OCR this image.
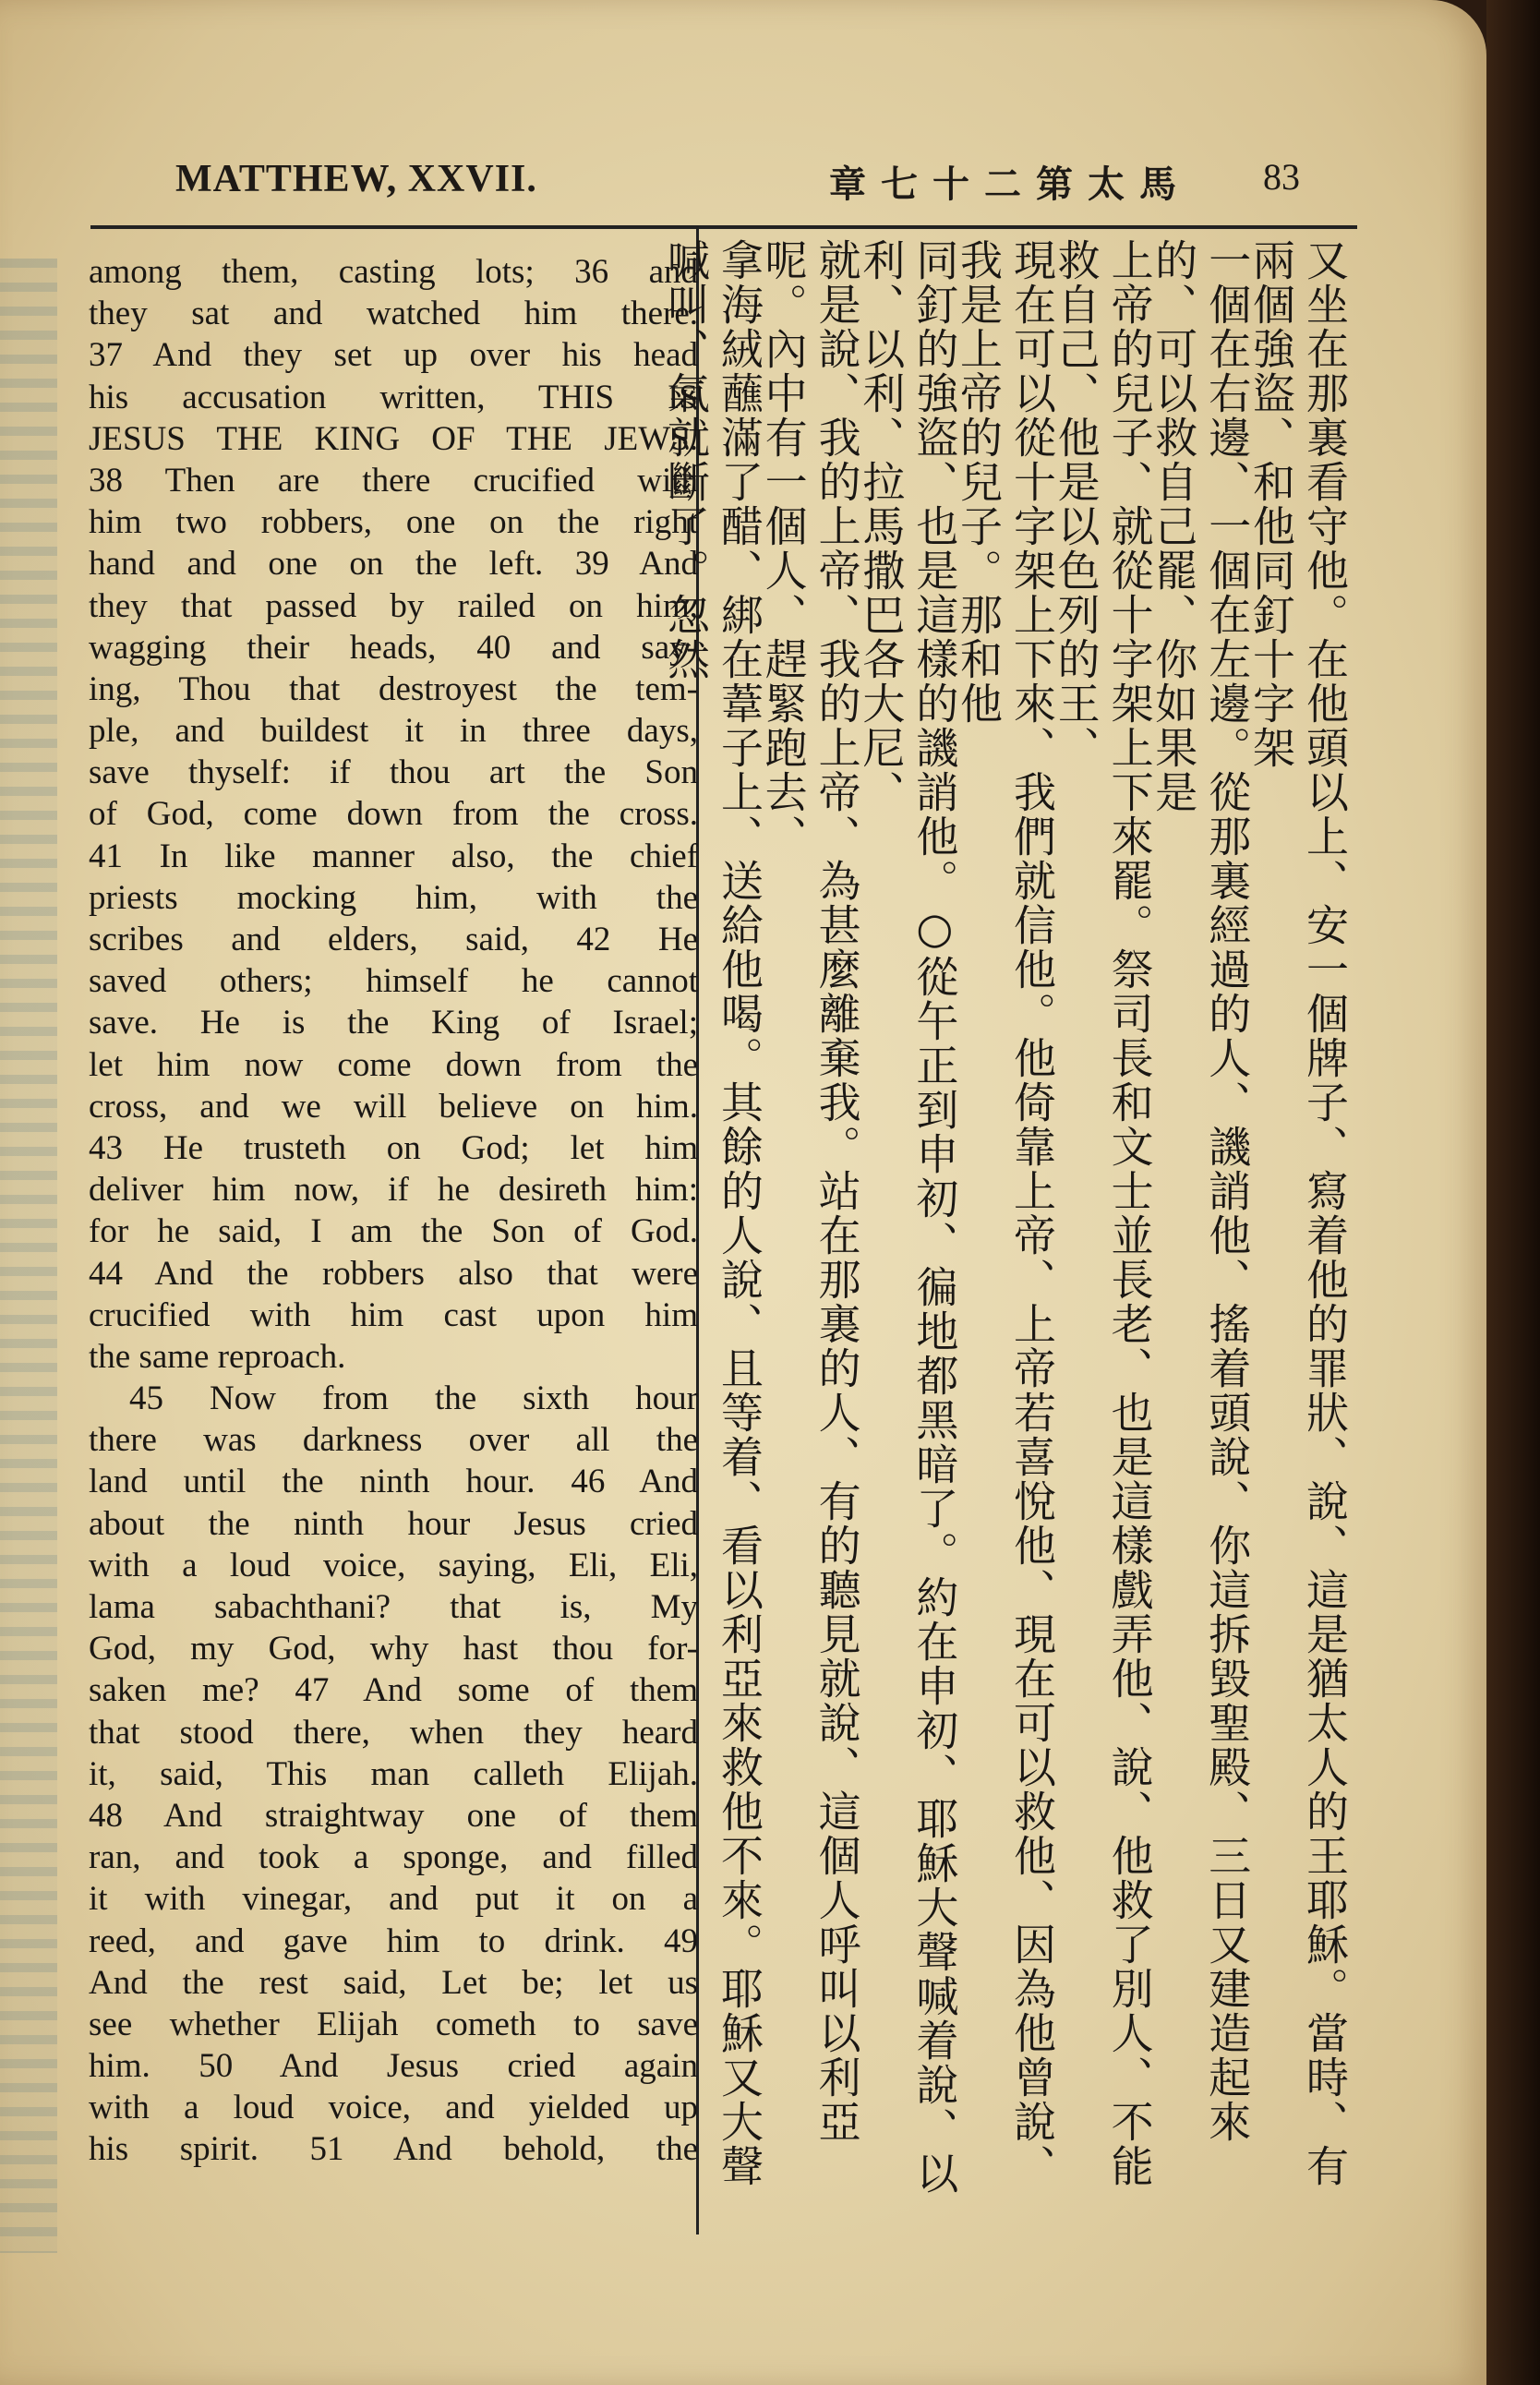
MATTHEW, XXVII.	章七十二第太馬 83
among them, casting lots; 36 and
they sat and watched him there.
37 And they set up over his head
his accusation written, THIS IS
JESUS THE KING OF THE JEWS.
38 Then are there crucified with
him two robbers, one on the right
hand and one on the left. 39 And
they that passed by railed on him,
wagging their heads, 40 and say-
ing, Thou that destroyest the tem-
ple, and buildest it in three days,
save thyself: if thou art the Son
of God, come down from the cross.
41 In like manner also, the chief
priests mocking him, with the
scribes and elders, said, 42 He
saved others; himself he cannot
save. He is the King of Israel;
let him now come down from the
cross, and we will believe on him.
43 He trusteth on God; let him
deliver him now, if he desireth him:
for he said, I am the Son of God.
44 And the robbers also that were
crucified with him cast upon him
the same reproach.
45 Now from the sixth hour
there was darkness over all the
land until the ninth hour. 46 And
about the ninth hour Jesus cried
with a loud voice, saying, Eli, Eli,
lama sabachthani? that is, My
God, my God, why hast thou for-
saken me? 47 And some of them
that stood there, when they heard
it, said, This man calleth Elijah.
48 And straightway one of them
ran, and took a sponge, and filled
it with vinegar, and put it on a
reed, and gave him to drink. 49
And the rest said, Let be; let us
see whether Elijah cometh to save
him. 50 And Jesus cried again
with a loud voice, and yielded up
his spirit. 51 And behold, the	又坐在那裏看守他。在他頭以上、安一個牌子、寫着他的罪狀、說、這是猶太人的王耶穌。當時、有兩個強盜、和他同釘十字架
一個在右邊、一個在左邊。從那裏經過的人、譏誚他、搖着頭說、你這拆毀聖殿、三日又建造起來的、可以救自己罷、你如果是
上帝的兒子、就從十字架上下來罷。祭司長和文士並長老、也是這樣戲弄他、說、他救了別人、不能救自己、他是以色列的王、
現在可以從十字架上下來、我們就信他。他倚靠上帝、上帝若喜悅他、現在可以救他、因為他曾說、我是上帝的兒子。那和他
同釘的強盜、也是這樣的譏誚他。○從午正到申初、徧地都黑暗了。約在申初、耶穌大聲喊着說、以利、以利、拉馬撒巴各大尼、
就是說、我的上帝、我的上帝、為甚麼離棄我。站在那裏的人、有的聽見就說、這個人呼叫以利亞呢。內中有一個人、趕緊跑去、
拿海絨蘸滿了醋、綁在葦子上、送給他喝。其餘的人說、且等着、看以利亞來救他不來。耶穌又大聲喊叫、氣就斷了。忽然
